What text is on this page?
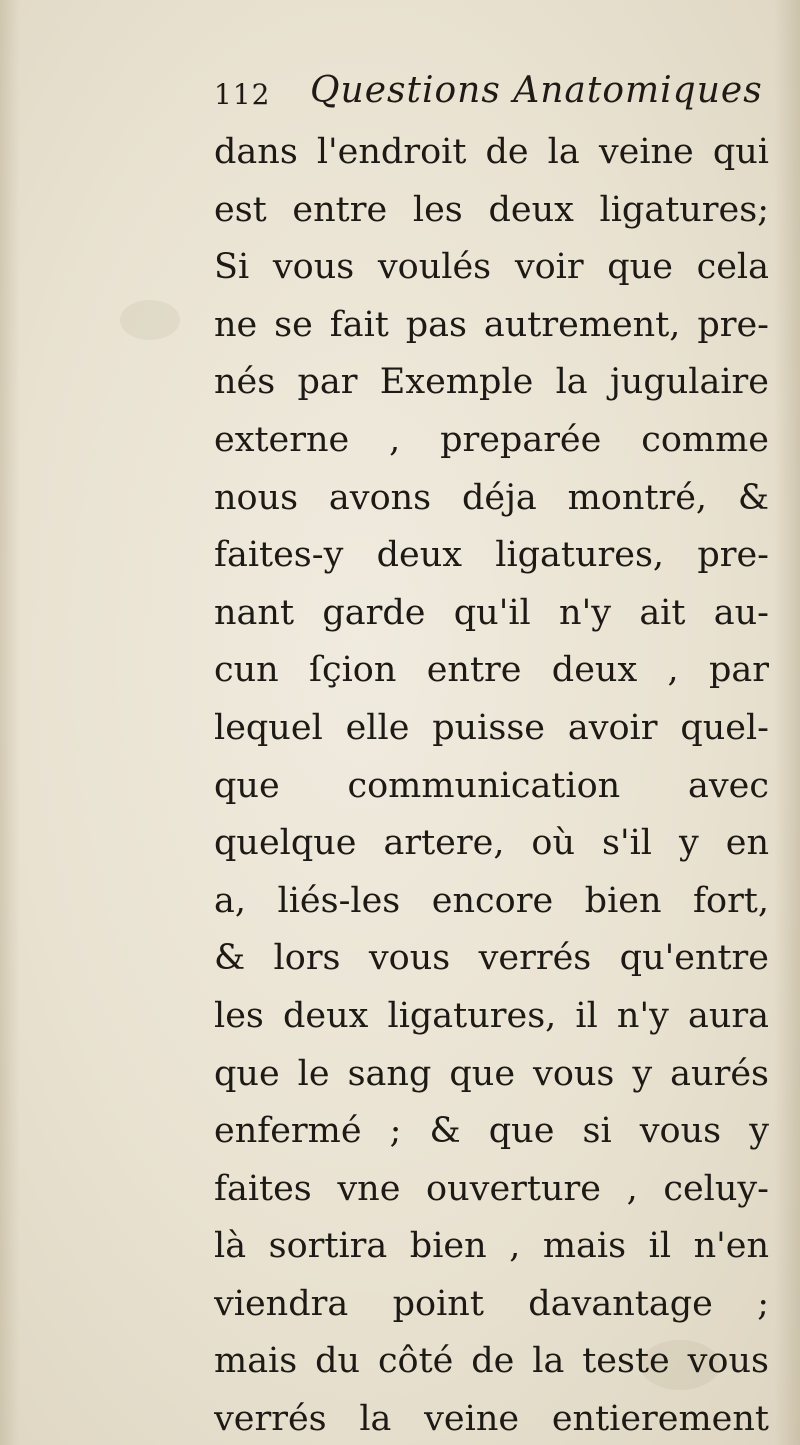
112 Questions Anatomiques
dans l'endroit de la veine qui
est entre les deux ligatures;
Si vous voulés voir que cela
ne se fait pas autrement, pre-
nés par Exemple la jugulaire
externe , preparée comme
nous avons déja montré, &
faites-y deux ligatures, pre-
nant garde qu'il n'y ait au-
cun ſçion entre deux , par
lequel elle puisse avoir quel-
que communication avec
quelque artere, où s'il y en
a, liés-les encore bien fort,
& lors vous verrés qu'entre
les deux ligatures, il n'y aura
que le sang que vous y aurés
enfermé ; & que si vous y
faites vne ouverture , celuy-
là sortira bien , mais il n'en
viendra point davantage ;
mais du côté de la teste vous
verrés la veine entierement
